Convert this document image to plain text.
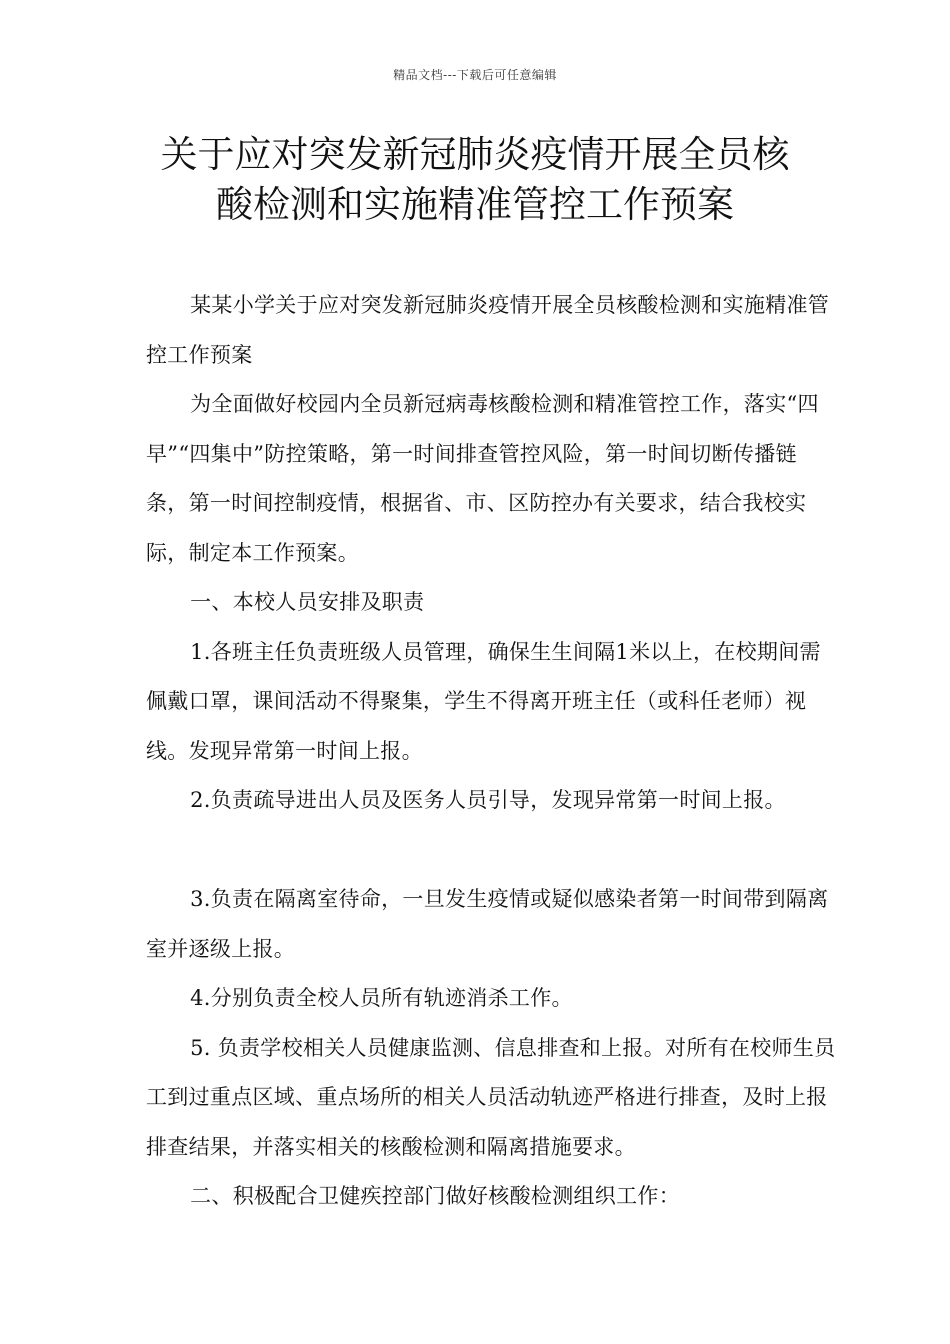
精品文档---下载后可任意编辑
关于应对突发新冠肺炎疫情开展全员核
酸检测和实施精准管控工作预案

某某小学关于应对突发新冠肺炎疫情开展全员核酸检测和实施精准管控工作预案

为全面做好校园内全员新冠病毒核酸检测和精准管控工作，落实“四早”“四集中”防控策略，第一时间排查管控风险，第一时间切断传播链条，第一时间控制疫情，根据省、市、区防控办有关要求，结合我校实际，制定本工作预案。

一、本校人员安排及职责

1.各班主任负责班级人员管理，确保生生间隔1米以上，在校期间需佩戴口罩，课间活动不得聚集，学生不得离开班主任（或科任老师）视线。发现异常第一时间上报。

2.负责疏导进出人员及医务人员引导，发现异常第一时间上报。

3.负责在隔离室待命，一旦发生疫情或疑似感染者第一时间带到隔离室并逐级上报。

4.分别负责全校人员所有轨迹消杀工作。

5. 负责学校相关人员健康监测、信息排查和上报。对所有在校师生员工到过重点区域、重点场所的相关人员活动轨迹严格进行排查，及时上报排查结果，并落实相关的核酸检测和隔离措施要求。

二、积极配合卫健疾控部门做好核酸检测组织工作：
